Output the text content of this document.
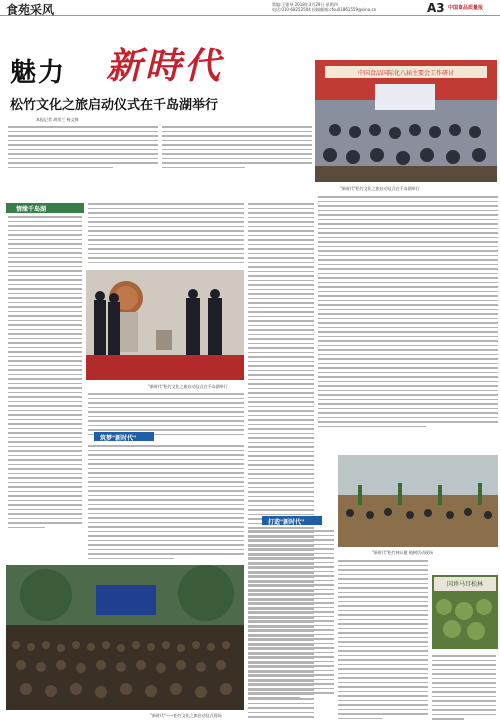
食苑采风	策编:王铭琴 2018年3月29日 星期四
电话:010-68252504 投稿邮箱:cfsu01861559@sina.cn	A3 中国食品质量报
魅力 新時代
松竹文化之旅启动仪式在千岛湖举行
本报记者 胡奕兰 杨文锦
中国食品国际化八届主要会工作研讨
"新时代"松竹文化之旅启动仪式在千岛湖举行
情缘千岛湖
"新时代"松竹文化之旅启动仪式在千岛湖举行
筑梦"新时代"
"新时代"——松竹文化之旅启动仪式现场
打造"新时代"
"新时代"松竹林认植 植树活动现场
国珍马耳松林
